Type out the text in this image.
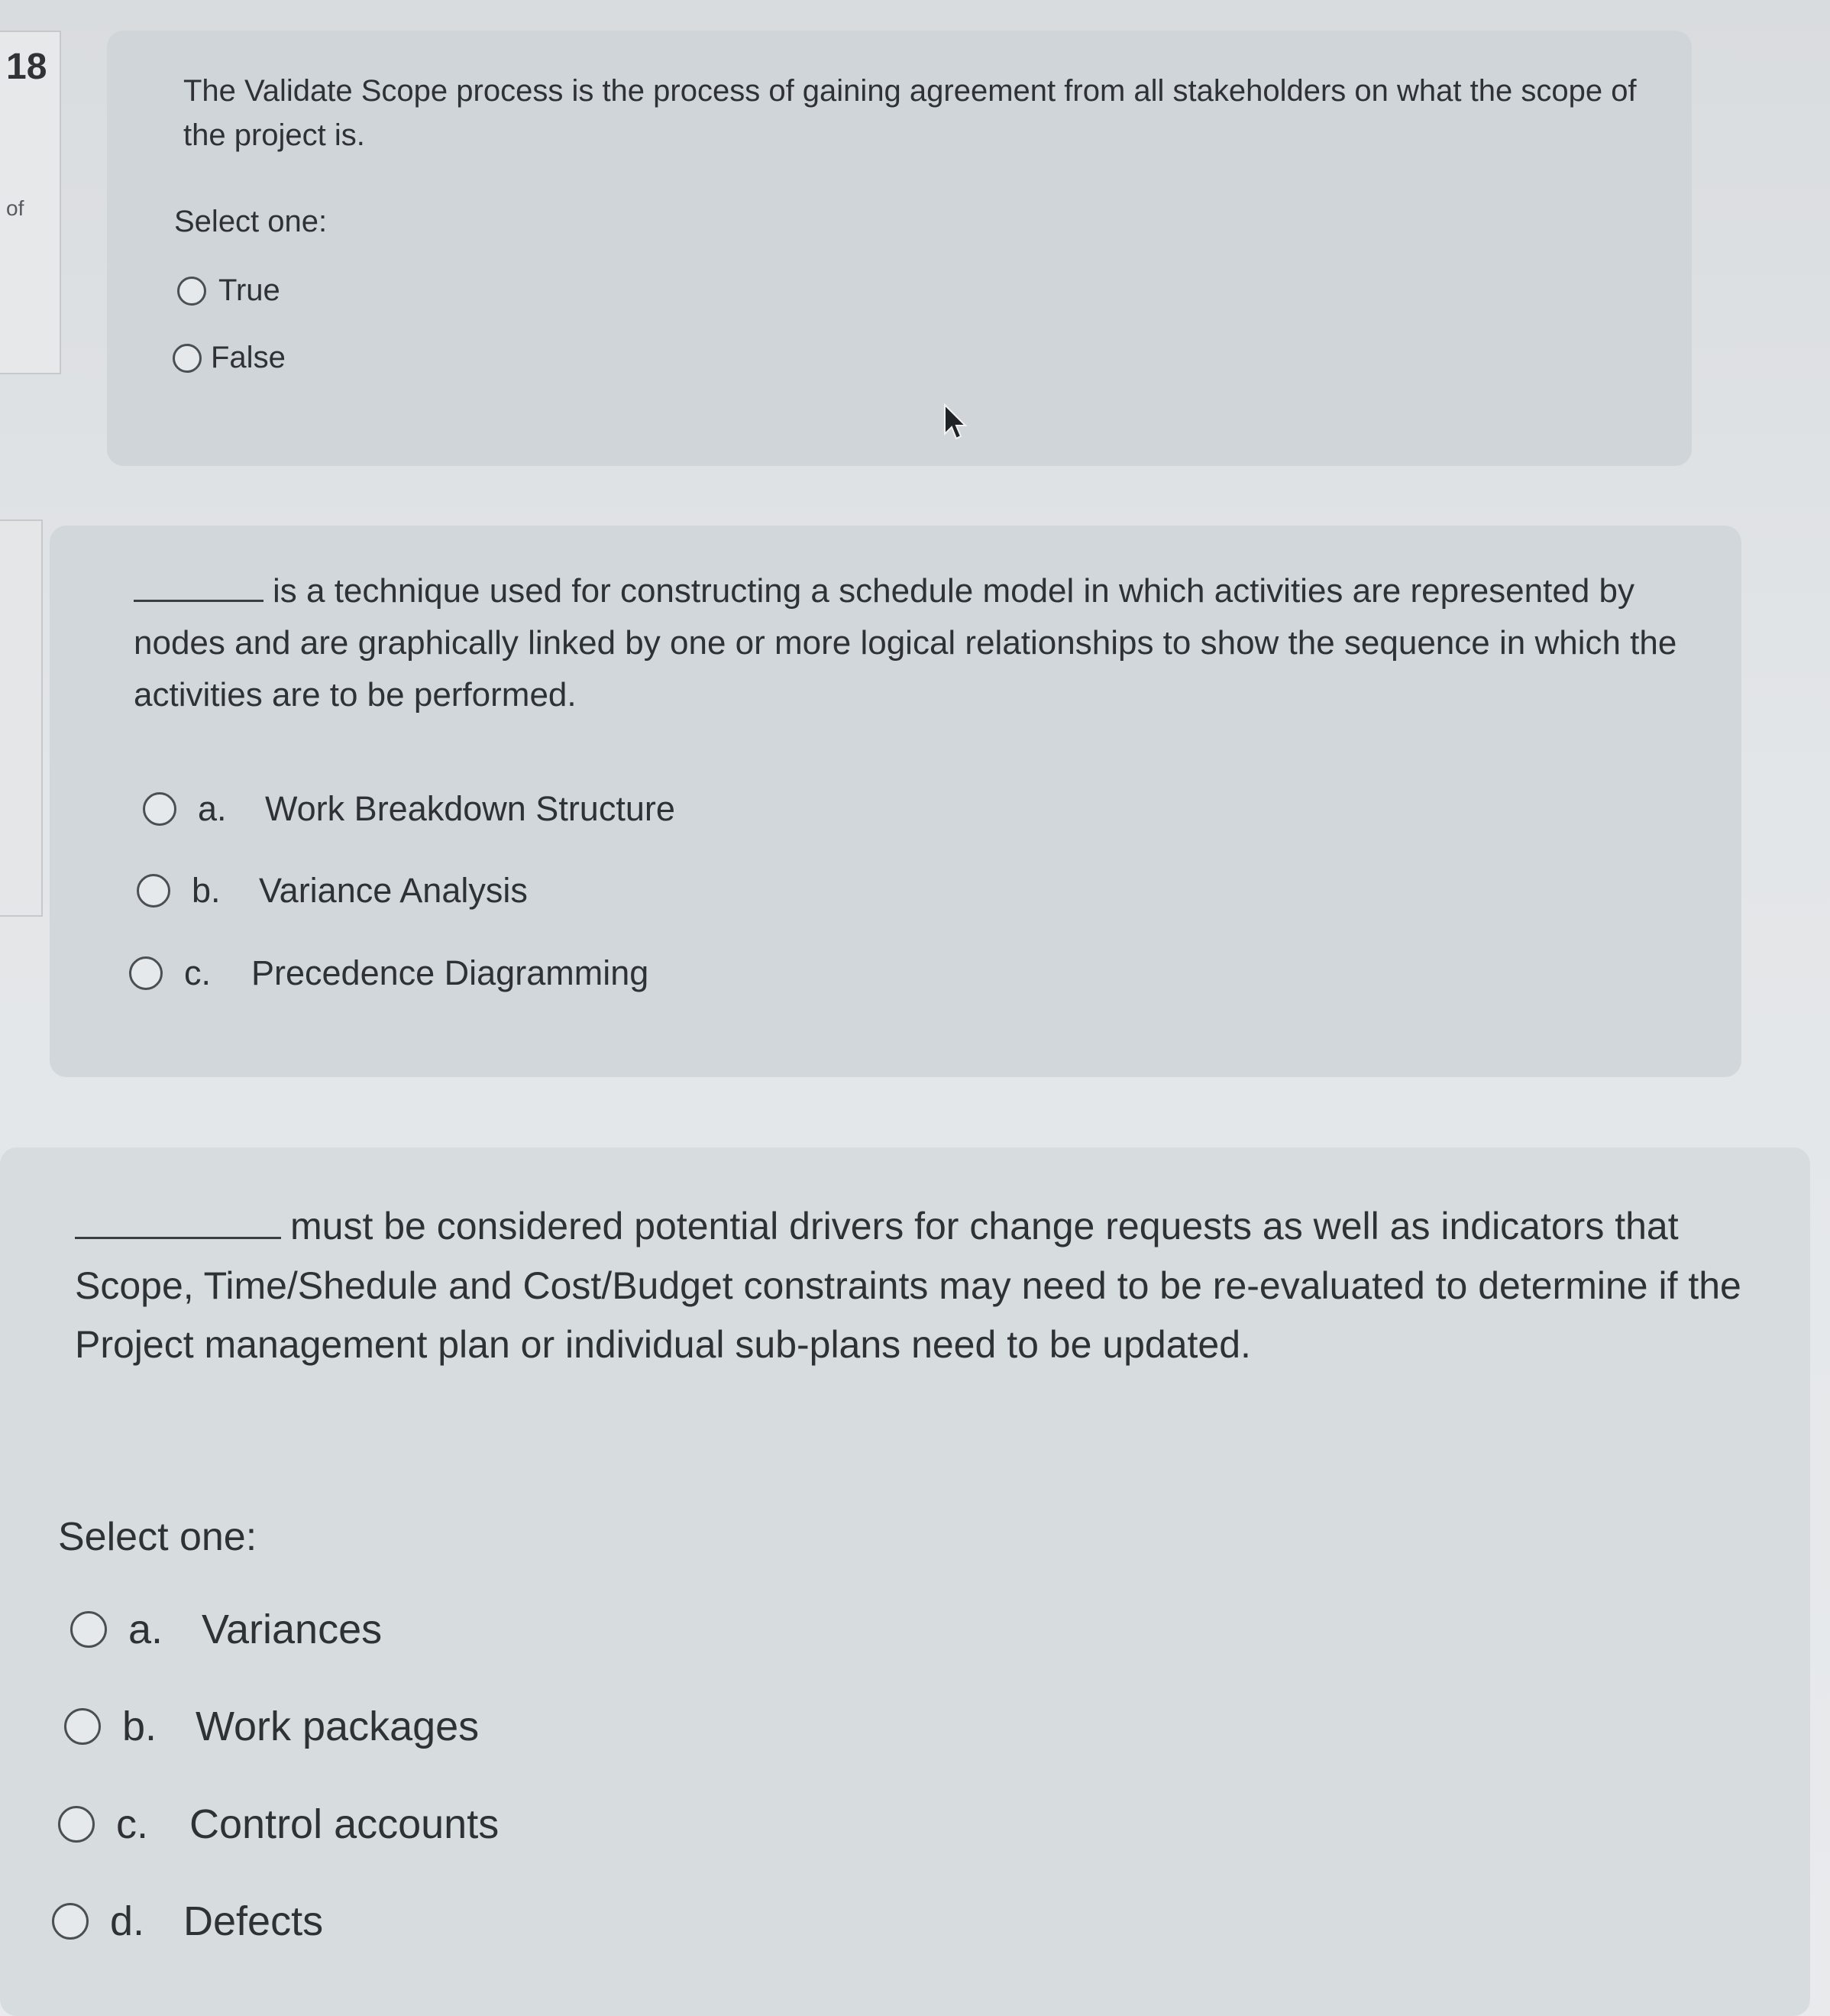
18
of
The Validate Scope process is the process of gaining agreement from all stakeholders on what the scope of the project is.
Select one:
True
False
is a technique used for constructing a schedule model in which activities are represented by nodes and are graphically linked by one or more logical relationships to show the sequence in which the activities are to be performed.
a.	Work Breakdown Structure
b.	Variance Analysis
c.	Precedence Diagramming
must be considered potential drivers for change requests as well as indicators that Scope, Time/Shedule and Cost/Budget constraints may need to be re-evaluated to determine if the Project management plan or individual sub-plans need to be updated.
Select one:
a. Variances
b. Work packages
c. Control accounts
d. Defects
